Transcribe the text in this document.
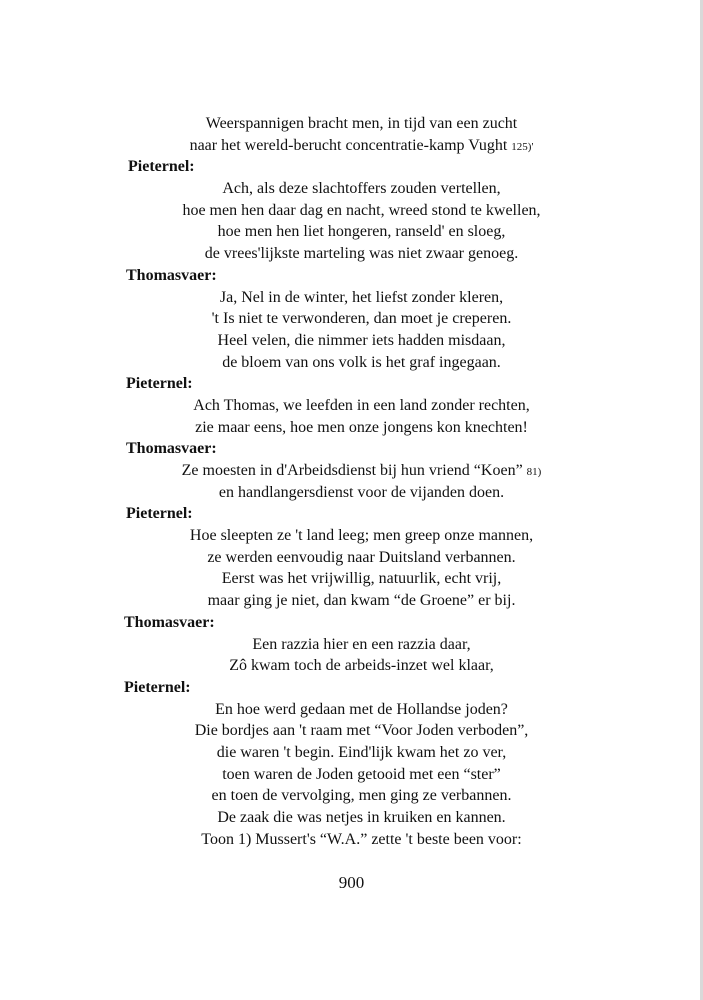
Weerspannigen bracht men, in tijd van een zucht
naar het wereld-berucht concentratie-kamp Vught 125)'
Pieternel:
Ach, als deze slachtoffers zouden vertellen,
hoe men hen daar dag en nacht, wreed stond te kwellen,
hoe men hen liet hongeren, ranseld' en sloeg,
de vrees'lijkste marteling was niet zwaar genoeg.
Thomasvaer:
Ja, Nel in de winter, het liefst zonder kleren,
't Is niet te verwonderen, dan moet je creperen.
Heel velen, die nimmer iets hadden misdaan,
de bloem van ons volk is het graf ingegaan.
Pieternel:
Ach Thomas, we leefden in een land zonder rechten,
zie maar eens, hoe men onze jongens kon knechten!
Thomasvaer:
Ze moesten in d'Arbeidsdienst bij hun vriend “Koen” 81)
en handlangersdienst voor de vijanden doen.
Pieternel:
Hoe sleepten ze 't land leeg; men greep onze mannen,
ze werden eenvoudig naar Duitsland verbannen.
Eerst was het vrijwillig, natuurlik, echt vrij,
maar ging je niet, dan kwam “de Groene” er bij.
Thomasvaer:
Een razzia hier en een razzia daar,
Zô kwam toch de arbeids-inzet wel klaar,
Pieternel:
En hoe werd gedaan met de Hollandse joden?
Die bordjes aan 't raam met “Voor Joden verboden”,
die waren 't begin. Eind'lijk kwam het zo ver,
toen waren de Joden getooid met een “ster”
en toen de vervolging, men ging ze verbannen.
De zaak die was netjes in kruiken en kannen.
Toon 1) Mussert's “W.A.” zette 't beste been voor:
900
